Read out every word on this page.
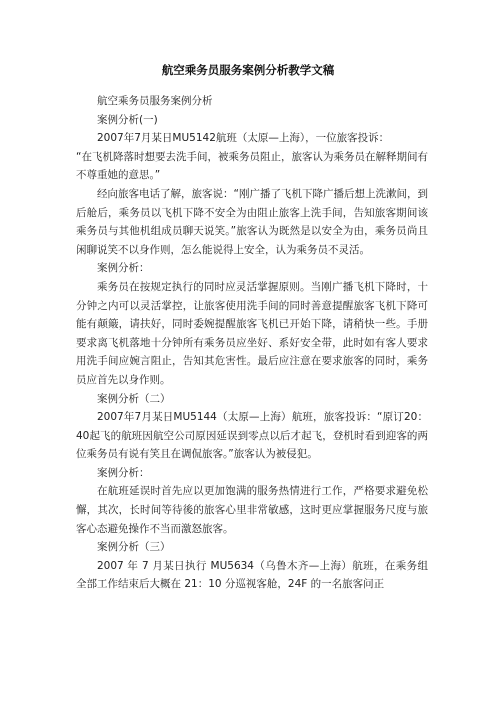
航空乘务员服务案例分析教学文稿

航空乘务员服务案例分析

案例分析(一)

2007年7月某日MU5142航班（太原—上海），一位旅客投诉：

“在飞机降落时想要去洗手间，被乘务员阻止，旅客认为乘务员在解释期间有不尊重她的意思。”

经向旅客电话了解，旅客说：“刚广播了飞机下降广播后想上洗漱间，到后舱后，乘务员以飞机下降不安全为由阻止旅客上洗手间，告知旅客期间该乘务员与其他机组成员聊天说笑。”旅客认为既然是以安全为由，乘务员尚且闲聊说笑不以身作则，怎么能说得上安全，认为乘务员不灵活。

案例分析：

乘务员在按规定执行的同时应灵活掌握原则。当刚广播飞机下降时，十分钟之内可以灵活掌控，让旅客使用洗手间的同时善意提醒旅客飞机下降可能有颠簸，请扶好，同时委婉提醒旅客飞机已开始下降，请稍快一些。手册要求离飞机落地十分钟所有乘务员应坐好、系好安全带，此时如有客人要求用洗手间应婉言阻止，告知其危害性。最后应注意在要求旅客的同时，乘务员应首先以身作则。

案例分析（二）

2007年7月某日MU5144（太原—上海）航班，旅客投诉：“原订20：40起飞的航班因航空公司原因延误到零点以后才起飞，登机时看到迎客的两位乘务员有说有笑且在调侃旅客。”旅客认为被侵犯。

案例分析：

在航班延误时首先应以更加饱满的服务热情进行工作，严格要求避免松懈，其次，长时间等待後的旅客心里非常敏感，这时更应掌握服务尺度与旅客心态避免操作不当而激怒旅客。

案例分析（三）

2007 年 7 月某日执行 MU5634（乌鲁木齐—上海）航班，在乘务组全部工作结束后大概在 21：10 分巡视客舱，24F 的一名旅客问正
